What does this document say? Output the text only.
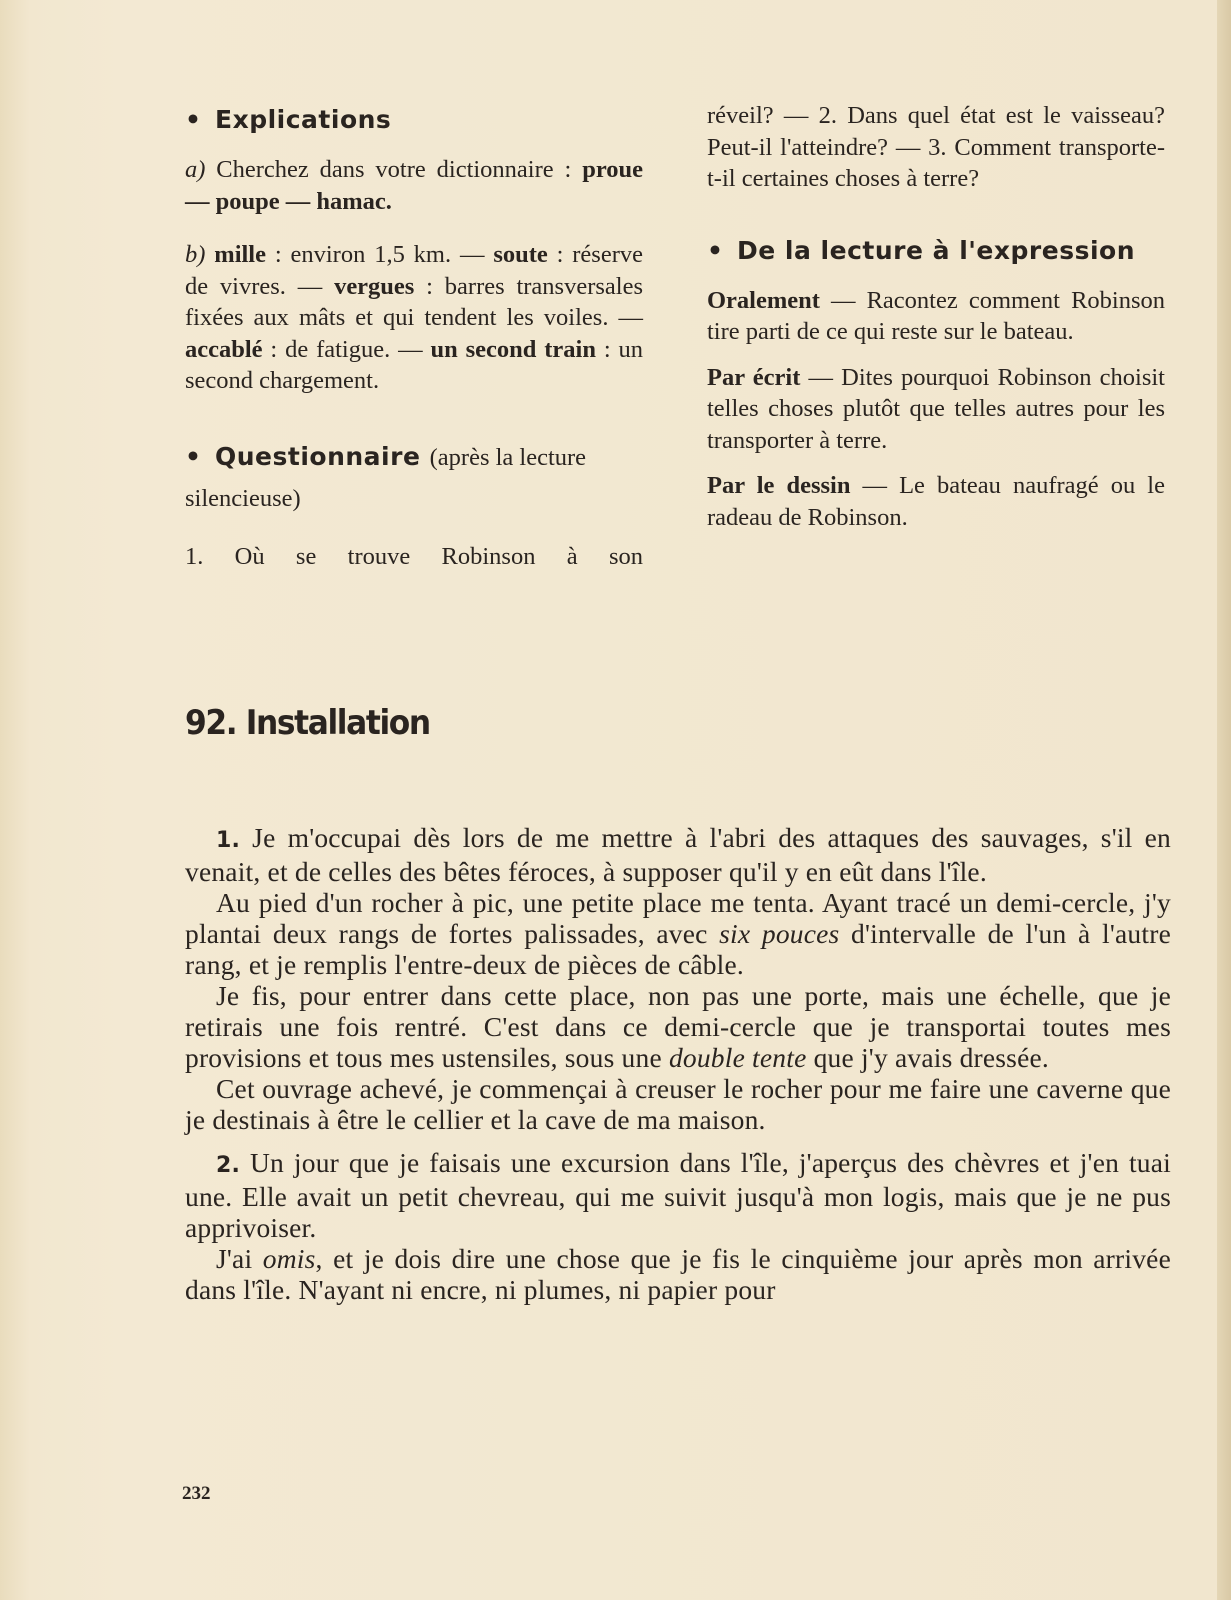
• Explications

a) Cherchez dans votre dictionnaire : proue — poupe — hamac.

b) mille : environ 1,5 km. — soute : réserve de vivres. — vergues : barres transversales fixées aux mâts et qui tendent les voiles. — accablé : de fatigue. — un second train : un second chargement.

• Questionnaire (après la lecture silencieuse)

1. Où se trouve Robinson à son

réveil? — 2. Dans quel état est le vaisseau? Peut-il l'atteindre? — 3. Comment transporte-t-il certaines choses à terre?

• De la lecture à l'expression

Oralement — Racontez comment Robinson tire parti de ce qui reste sur le bateau.

Par écrit — Dites pourquoi Robinson choisit telles choses plutôt que telles autres pour les transporter à terre.

Par le dessin — Le bateau naufragé ou le radeau de Robinson.

92. Installation

1. Je m'occupai dès lors de me mettre à l'abri des attaques des sauvages, s'il en venait, et de celles des bêtes féroces, à supposer qu'il y en eût dans l'île.

Au pied d'un rocher à pic, une petite place me tenta. Ayant tracé un demi-cercle, j'y plantai deux rangs de fortes palissades, avec six pouces d'intervalle de l'un à l'autre rang, et je remplis l'entre-deux de pièces de câble.

Je fis, pour entrer dans cette place, non pas une porte, mais une échelle, que je retirais une fois rentré. C'est dans ce demi-cercle que je transportai toutes mes provisions et tous mes ustensiles, sous une double tente que j'y avais dressée.

Cet ouvrage achevé, je commençai à creuser le rocher pour me faire une caverne que je destinais à être le cellier et la cave de ma maison.

2. Un jour que je faisais une excursion dans l'île, j'aperçus des chèvres et j'en tuai une. Elle avait un petit chevreau, qui me suivit jusqu'à mon logis, mais que je ne pus apprivoiser.

J'ai omis, et je dois dire une chose que je fis le cinquième jour après mon arrivée dans l'île. N'ayant ni encre, ni plumes, ni papier pour

232
